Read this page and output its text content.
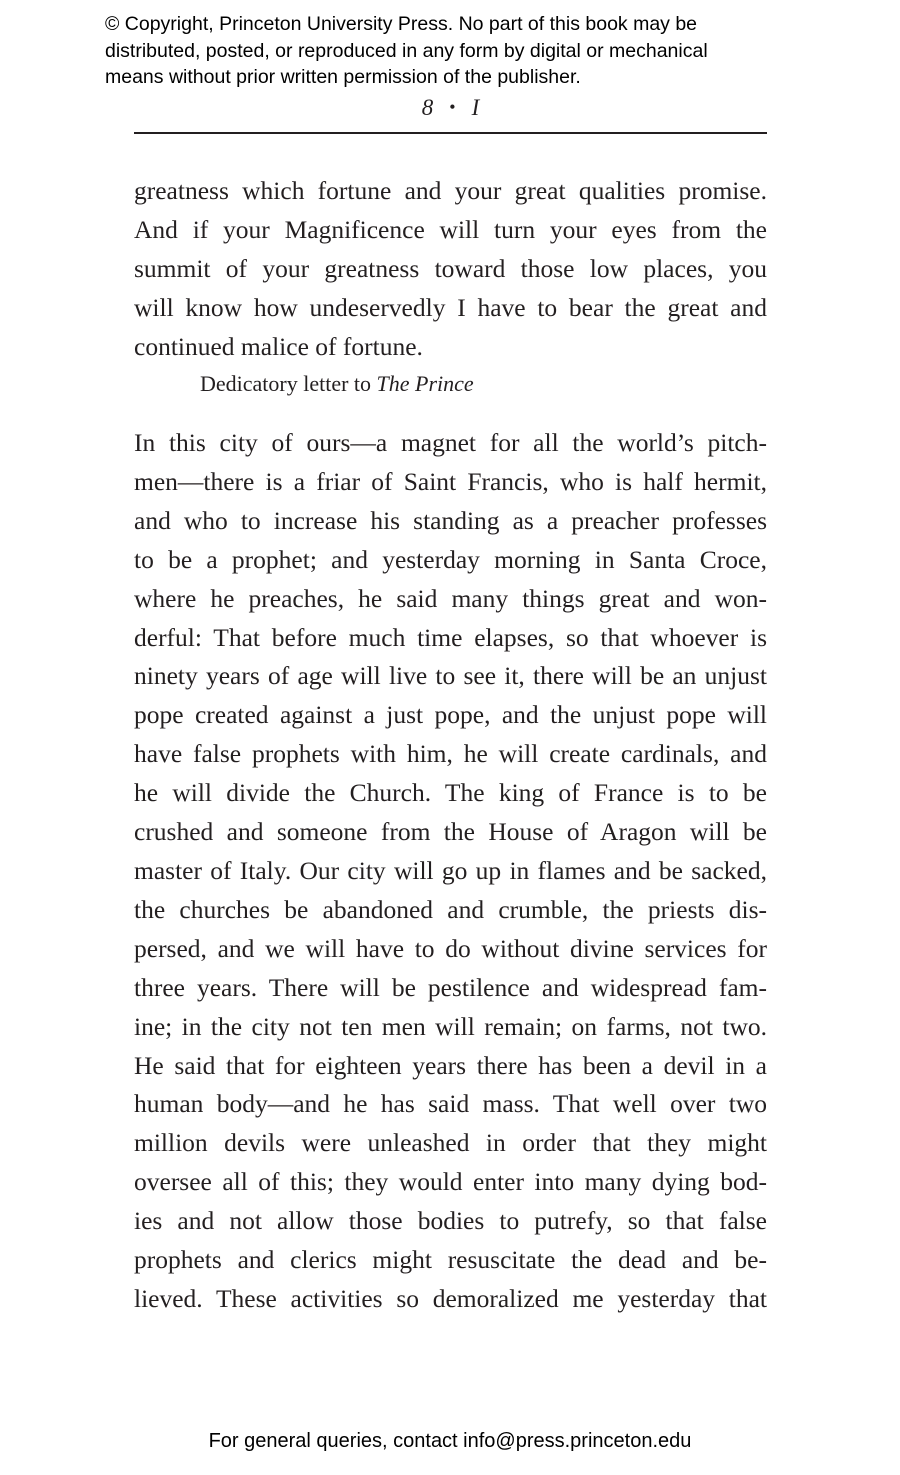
© Copyright, Princeton University Press. No part of this book may be
distributed, posted, or reproduced in any form by digital or mechanical
means without prior written permission of the publisher.
8 • I
greatness which fortune and your great qualities promise.
And if your Magnificence will turn your eyes from the
summit of your greatness toward those low places, you
will know how undeservedly I have to bear the great and
continued malice of fortune.

Dedicatory letter to The Prince

In this city of ours—a magnet for all the world’s pitch-
men—there is a friar of Saint Francis, who is half hermit,
and who to increase his standing as a preacher professes
to be a prophet; and yesterday morning in Santa Croce,
where he preaches, he said many things great and won-
derful: That before much time elapses, so that whoever is
ninety years of age will live to see it, there will be an unjust
pope created against a just pope, and the unjust pope will
have false prophets with him, he will create cardinals, and
he will divide the Church. The king of France is to be
crushed and someone from the House of Aragon will be
master of Italy. Our city will go up in flames and be sacked,
the churches be abandoned and crumble, the priests dis-
persed, and we will have to do without divine services for
three years. There will be pestilence and widespread fam-
ine; in the city not ten men will remain; on farms, not two.
He said that for eighteen years there has been a devil in a
human body—and he has said mass. That well over two
million devils were unleashed in order that they might
oversee all of this; they would enter into many dying bod-
ies and not allow those bodies to putrefy, so that false
prophets and clerics might resuscitate the dead and be-
lieved. These activities so demoralized me yesterday that

For general queries, contact info@press.princeton.edu
